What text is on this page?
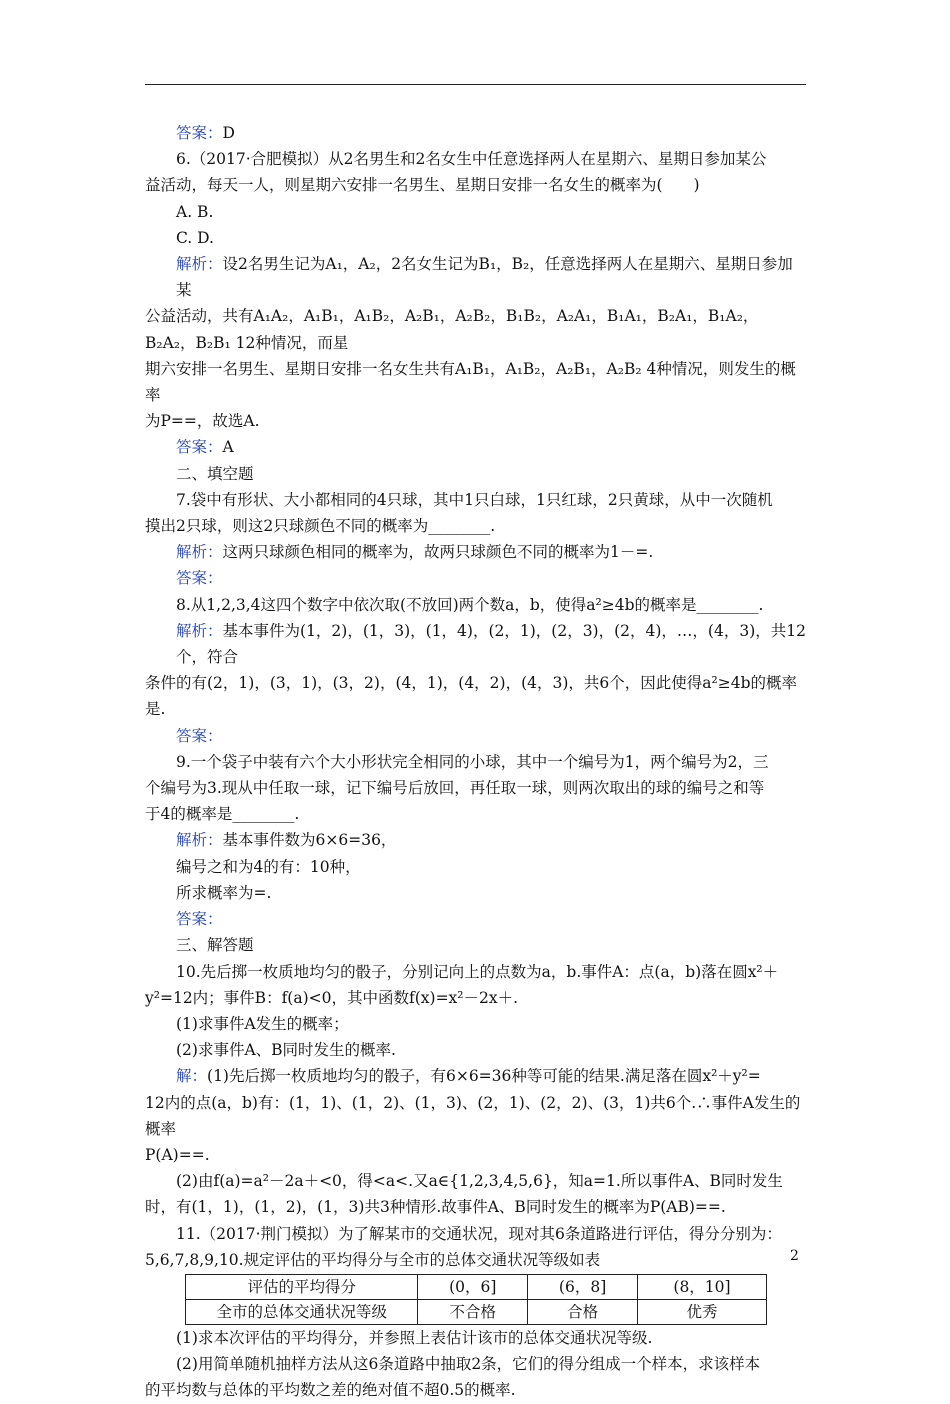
答案：D

6.（2017·合肥模拟）从2名男生和2名女生中任意选择两人在星期六、星期日参加某公

益活动，每天一人，则星期六安排一名男生、星期日安排一名女生的概率为(　　)

A. B.

C. D.

解析：设2名男生记为A₁，A₂，2名女生记为B₁，B₂，任意选择两人在星期六、星期日参加某

公益活动，共有A₁A₂，A₁B₁，A₁B₂，A₂B₁，A₂B₂，B₁B₂，A₂A₁，B₁A₁，B₂A₁，B₁A₂，B₂A₂，B₂B₁ 12种情况，而星

期六安排一名男生、星期日安排一名女生共有A₁B₁，A₁B₂，A₂B₁，A₂B₂ 4种情况，则发生的概率

为P==，故选A.

答案：A

二、填空题

7.袋中有形状、大小都相同的4只球，其中1只白球，1只红球，2只黄球，从中一次随机

摸出2只球，则这2只球颜色不同的概率为________.

解析：这两只球颜色相同的概率为，故两只球颜色不同的概率为1－=.

答案：

8.从1,2,3,4这四个数字中依次取(不放回)两个数a，b，使得a²≥4b的概率是________.

解析：基本事件为(1，2)，(1，3)，(1，4)，(2，1)，(2，3)，(2，4)，…，(4，3)，共12个，符合

条件的有(2，1)，(3，1)，(3，2)，(4，1)，(4，2)，(4，3)，共6个，因此使得a²≥4b的概率是.

答案：

9.一个袋子中装有六个大小形状完全相同的小球，其中一个编号为1，两个编号为2，三

个编号为3.现从中任取一球，记下编号后放回，再任取一球，则两次取出的球的编号之和等

于4的概率是________.

解析：基本事件数为6×6=36，

编号之和为4的有：10种，

所求概率为=.

答案：

三、解答题

10.先后掷一枚质地均匀的骰子，分别记向上的点数为a，b.事件A：点(a，b)落在圆x²＋

y²=12内；事件B：f(a)<0，其中函数f(x)=x²－2x＋.

(1)求事件A发生的概率；

(2)求事件A、B同时发生的概率.

解：(1)先后掷一枚质地均匀的骰子，有6×6=36种等可能的结果.满足落在圆x²＋y²=

12内的点(a，b)有：(1，1)、(1，2)、(1，3)、(2，1)、(2，2)、(3，1)共6个.∴事件A发生的概率

P(A)==.

(2)由f(a)=a²－2a＋<0，得<a<.又a∈{1,2,3,4,5,6}，知a=1.所以事件A、B同时发生

时，有(1，1)，(1，2)，(1，3)共3种情形.故事件A、B同时发生的概率为P(AB)==.

11.（2017·荆门模拟）为了解某市的交通状况，现对其6条道路进行评估，得分分别为：

5,6,7,8,9,10.规定评估的平均得分与全市的总体交通状况等级如表

评估的平均得分	(0，6]	(6，8]	(8，10]
全市的总体交通状况等级	不合格	合格	优秀

(1)求本次评估的平均得分，并参照上表估计该市的总体交通状况等级.

(2)用简单随机抽样方法从这6条道路中抽取2条，它们的得分组成一个样本，求该样本

的平均数与总体的平均数之差的绝对值不超0.5的概率.

2
